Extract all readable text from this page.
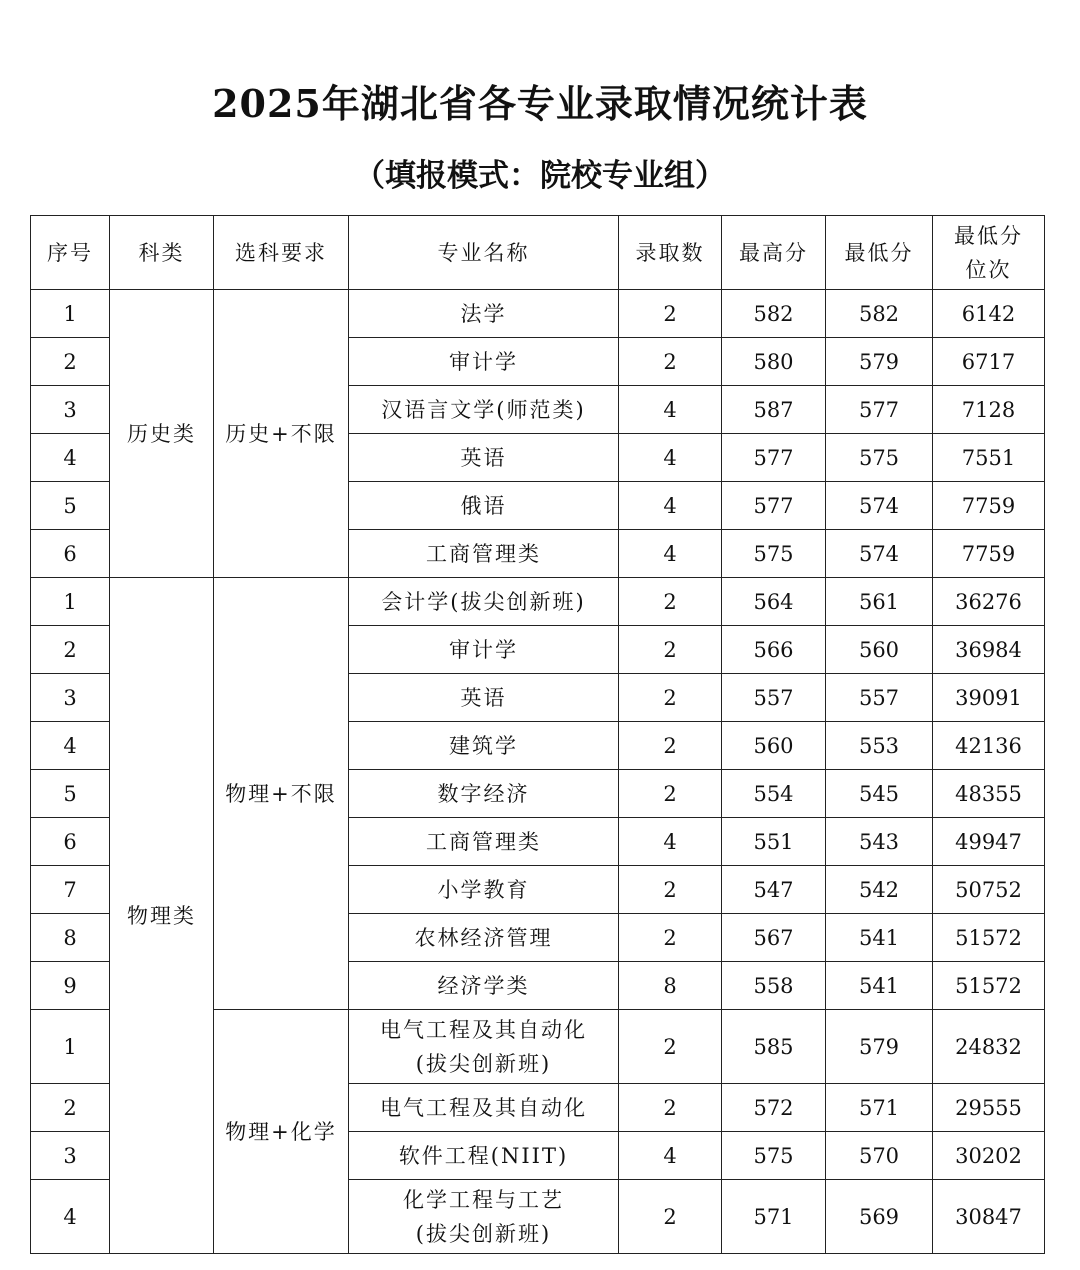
2025年湖北省各专业录取情况统计表
（填报模式：院校专业组）
序号	科类	选科要求	专业名称	录取数	最高分	最低分	最低分
位次

1	历史类	历史+不限	法学	2	582	582	6142
2			审计学	2	580	579	6717
3			汉语言文学(师范类)	4	587	577	7128
4			英语	4	577	575	7551
5			俄语	4	577	574	7759
6			工商管理类	4	575	574	7759
1	物理类	物理+不限	会计学(拔尖创新班)	2	564	561	36276
2			审计学	2	566	560	36984
3			英语	2	557	557	39091
4			建筑学	2	560	553	42136
5			数字经济	2	554	545	48355
6			工商管理类	4	551	543	49947
7			小学教育	2	547	542	50752
8			农林经济管理	2	567	541	51572
9			经济学类	8	558	541	51572
1		物理+化学	电气工程及其自动化
(拔尖创新班)	2	585	579	24832
2			电气工程及其自动化	2	572	571	29555
3			软件工程(NIIT)	4	575	570	30202
4			化学工程与工艺
(拔尖创新班)	2	571	569	30847
